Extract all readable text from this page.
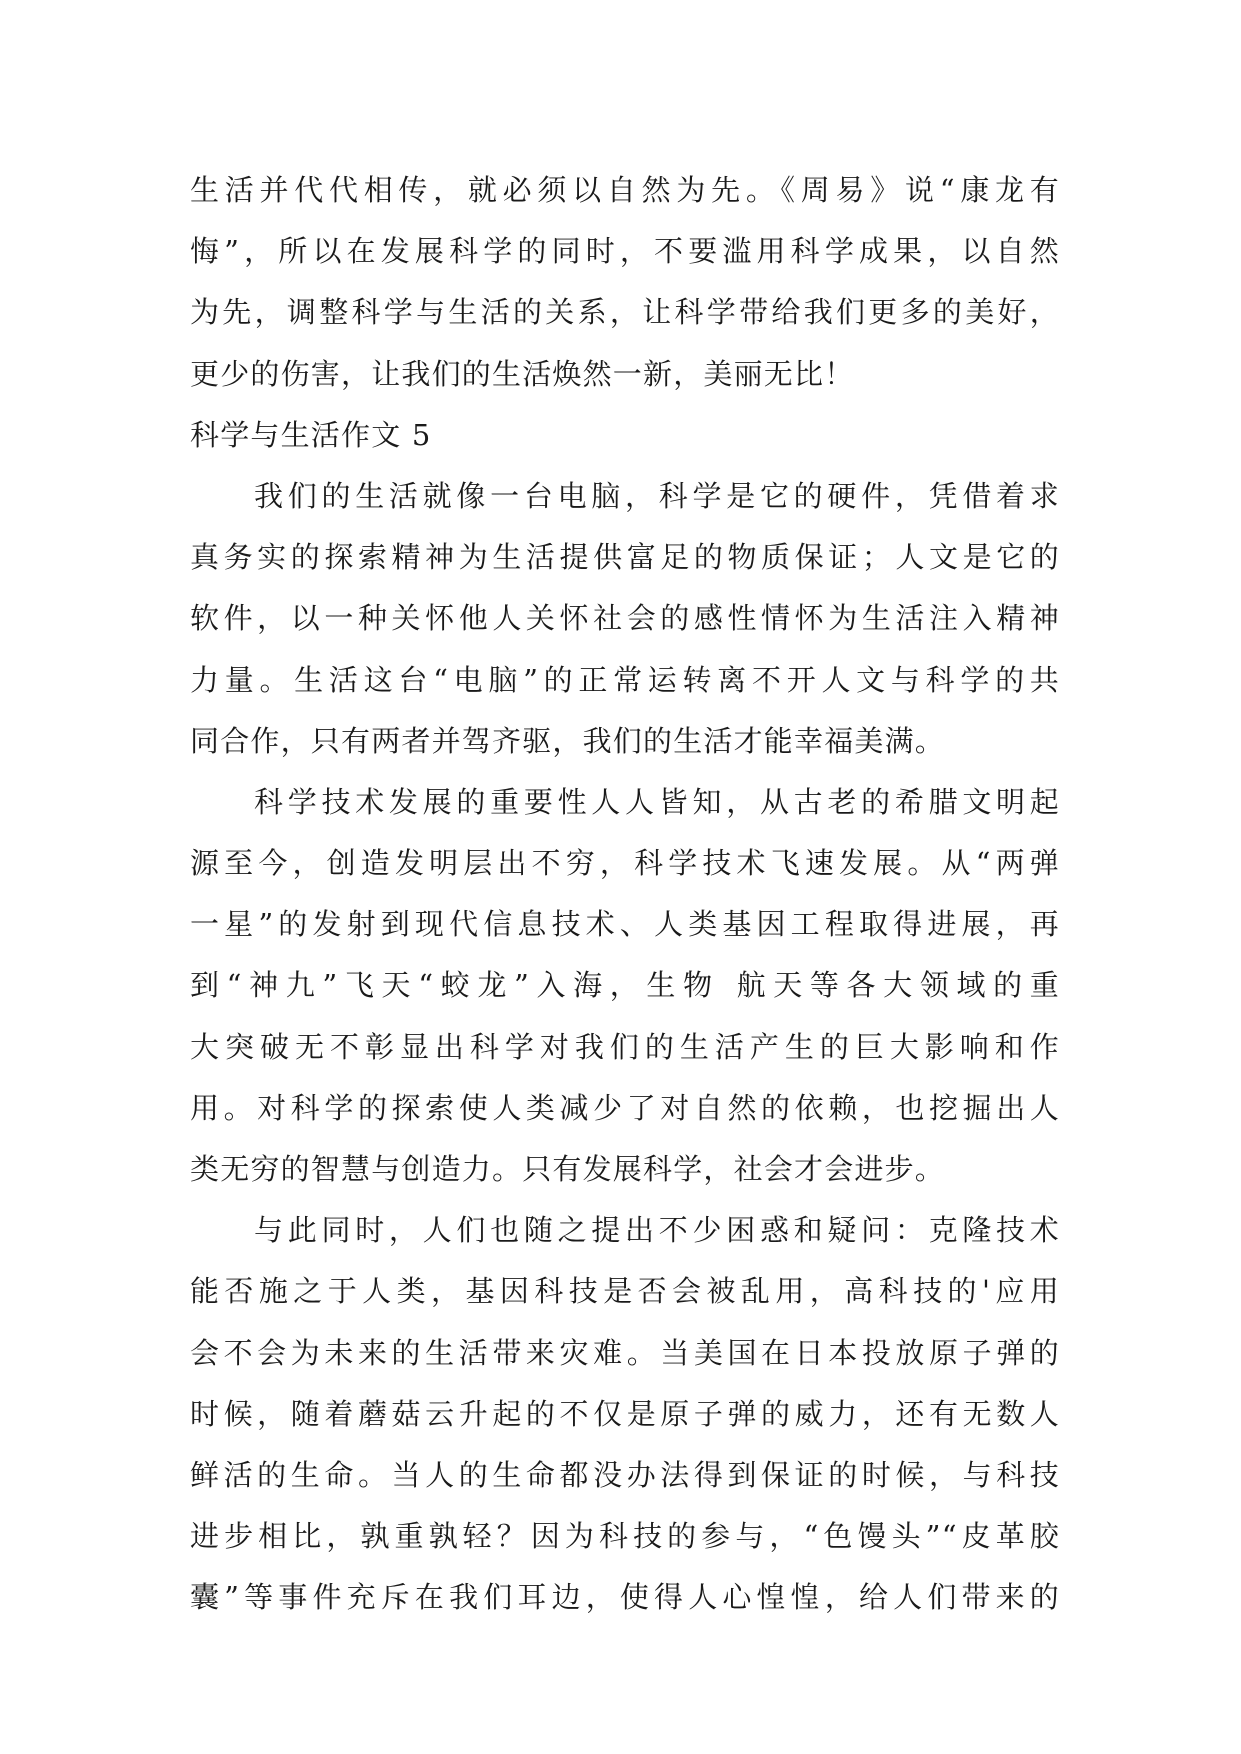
生活并代代相传，就必须以自然为先。《周易》说“康龙有
悔”，所以在发展科学的同时，不要滥用科学成果，以自然
为先，调整科学与生活的关系，让科学带给我们更多的美好，
更少的伤害，让我们的生活焕然一新，美丽无比！
科学与生活作文 5
我们的生活就像一台电脑，科学是它的硬件，凭借着求
真务实的探索精神为生活提供富足的物质保证；人文是它的
软件，以一种关怀他人关怀社会的感性情怀为生活注入精神
力量。生活这台“电脑”的正常运转离不开人文与科学的共
同合作，只有两者并驾齐驱，我们的生活才能幸福美满。
科学技术发展的重要性人人皆知，从古老的希腊文明起
源至今，创造发明层出不穷，科学技术飞速发展。从“两弹
一星”的发射到现代信息技术、人类基因工程取得进展，再
到“神九”飞天“蛟龙”入海，生物 航天等各大领域的重
大突破无不彰显出科学对我们的生活产生的巨大影响和作
用。对科学的探索使人类减少了对自然的依赖，也挖掘出人
类无穷的智慧与创造力。只有发展科学，社会才会进步。
与此同时，人们也随之提出不少困惑和疑问：克隆技术
能否施之于人类，基因科技是否会被乱用，高科技的'应用
会不会为未来的生活带来灾难。当美国在日本投放原子弹的
时候，随着蘑菇云升起的不仅是原子弹的威力，还有无数人
鲜活的生命。当人的生命都没办法得到保证的时候，与科技
进步相比，孰重孰轻？因为科技的参与，“色馒头”“皮革胶
囊”等事件充斥在我们耳边，使得人心惶惶，给人们带来的
